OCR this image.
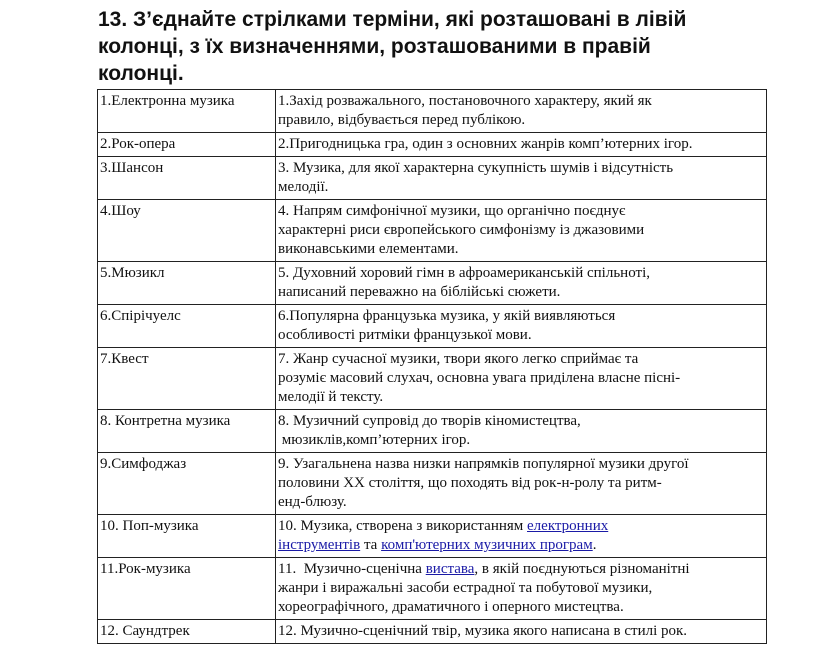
13. З’єднайте стрілками терміни, які розташовані в лівій
колонці, з їх визначеннями, розташованими в правій
колонці.
1.Електронна музика	1.Захід розважального, постановочного характеру, який як
правило, відбувається перед публікою.

2.Рок-опера	2.Пригодницька гра, один з основних жанрів комп’ютерних ігор.

3.Шансон	3. Музика, для якої характерна сукупність шумів і відсутність
мелодії.

4.Шоу	4. Напрям симфонічної музики, що органічно поєднує
характерні риси європейського симфонізму із джазовими
виконавськими елементами.

5.Мюзикл	5. Духовний хоровий гімн в афроамериканській спільноті,
написаний переважно на біблійські сюжети.

6.Спірічуелс	6.Популярна французька музика, у якій виявляються
особливості ритміки французької мови.

7.Квест	7. Жанр сучасної музики, твори якого легко сприймає та
розуміє масовий слухач, основна увага приділена власне пісні-
мелодії й тексту.

8. Контретна музика	8. Музичний супровід до творів кіномистецтва,
мюзиклів,комп’ютерних ігор.

9.Симфоджаз	9. Узагальнена назва низки напрямків популярної музики другої
половини XX століття, що походять від рок-н-ролу та ритм-
енд-блюзу.

10. Поп-музика	10. Музика, створена з використанням електронних
інструментів та комп'ютерних музичних програм.

11.Рок-музика	11.  Музично-сценічна вистава, в якій поєднуються різноманітні
жанри і виражальні засоби естрадної та побутової музики,
хореографічного, драматичного і оперного мистецтва.

12. Саундтрек	12. Музично-сценічний твір, музика якого написана в стилі рок.
